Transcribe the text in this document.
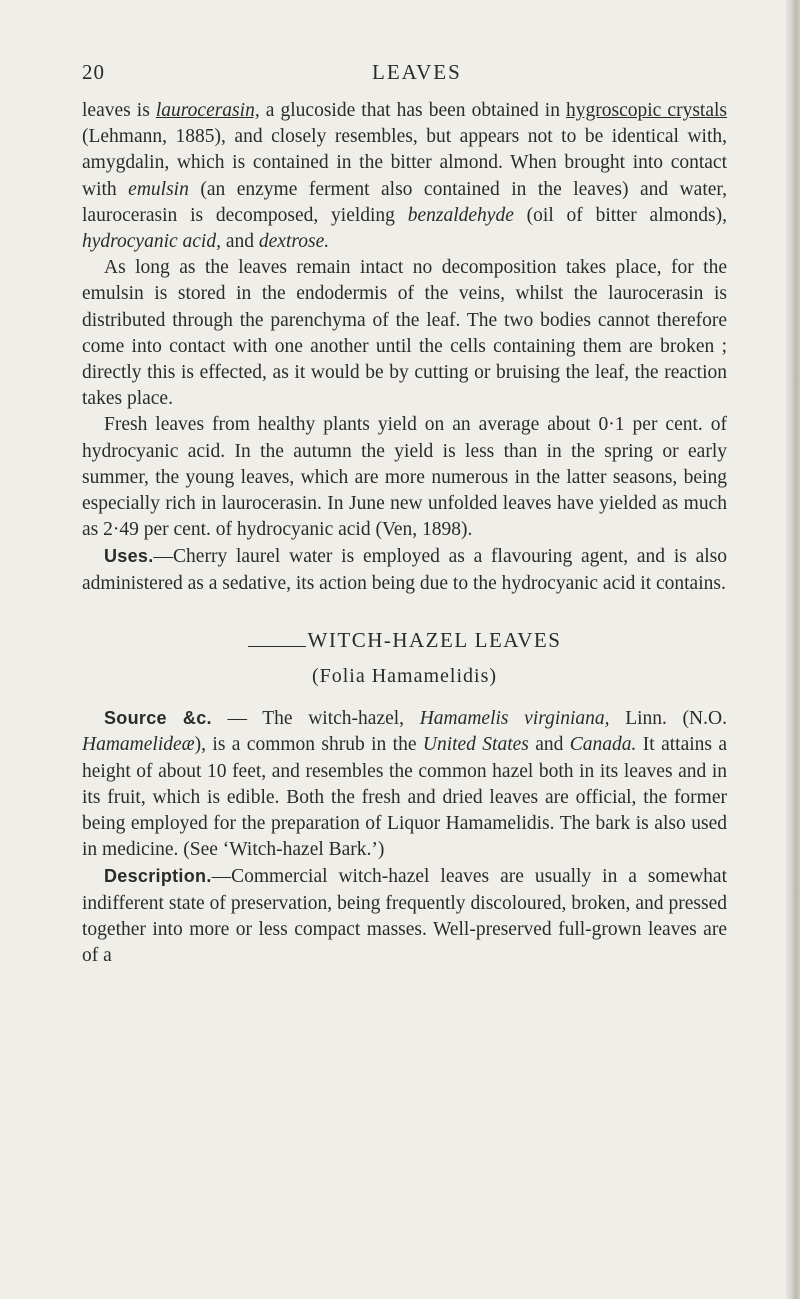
20	LEAVES

leaves is laurocerasin, a glucoside that has been obtained in hygroscopic crystals (Lehmann, 1885), and closely resembles, but appears not to be identical with, amygdalin, which is contained in the bitter almond. When brought into contact with emulsin (an enzyme ferment also contained in the leaves) and water, laurocerasin is decomposed, yielding benzaldehyde (oil of bitter almonds), hydrocyanic acid, and dextrose.

As long as the leaves remain intact no decomposition takes place, for the emulsin is stored in the endodermis of the veins, whilst the laurocerasin is distributed through the parenchyma of the leaf. The two bodies cannot therefore come into contact with one another until the cells containing them are broken ; directly this is effected, as it would be by cutting or bruising the leaf, the reaction takes place.

Fresh leaves from healthy plants yield on an average about 0·1 per cent. of hydrocyanic acid. In the autumn the yield is less than in the spring or early summer, the young leaves, which are more numerous in the latter seasons, being especially rich in laurocerasin. In June new unfolded leaves have yielded as much as 2·49 per cent. of hydrocyanic acid (Ven, 1898).

Uses.—Cherry laurel water is employed as a flavouring agent, and is also administered as a sedative, its action being due to the hydrocyanic acid it contains.

WITCH-HAZEL LEAVES
(Folia Hamamelidis)

Source &c. — The witch-hazel, Hamamelis virginiana, Linn. (N.O. Hamamelideæ), is a common shrub in the United States and Canada. It attains a height of about 10 feet, and resembles the common hazel both in its leaves and in its fruit, which is edible. Both the fresh and dried leaves are official, the former being employed for the preparation of Liquor Hamamelidis. The bark is also used in medicine. (See ‘Witch-hazel Bark.’)

Description.—Commercial witch-hazel leaves are usually in a somewhat indifferent state of preservation, being frequently discoloured, broken, and pressed together into more or less compact masses. Well-preserved full-grown leaves are of a
